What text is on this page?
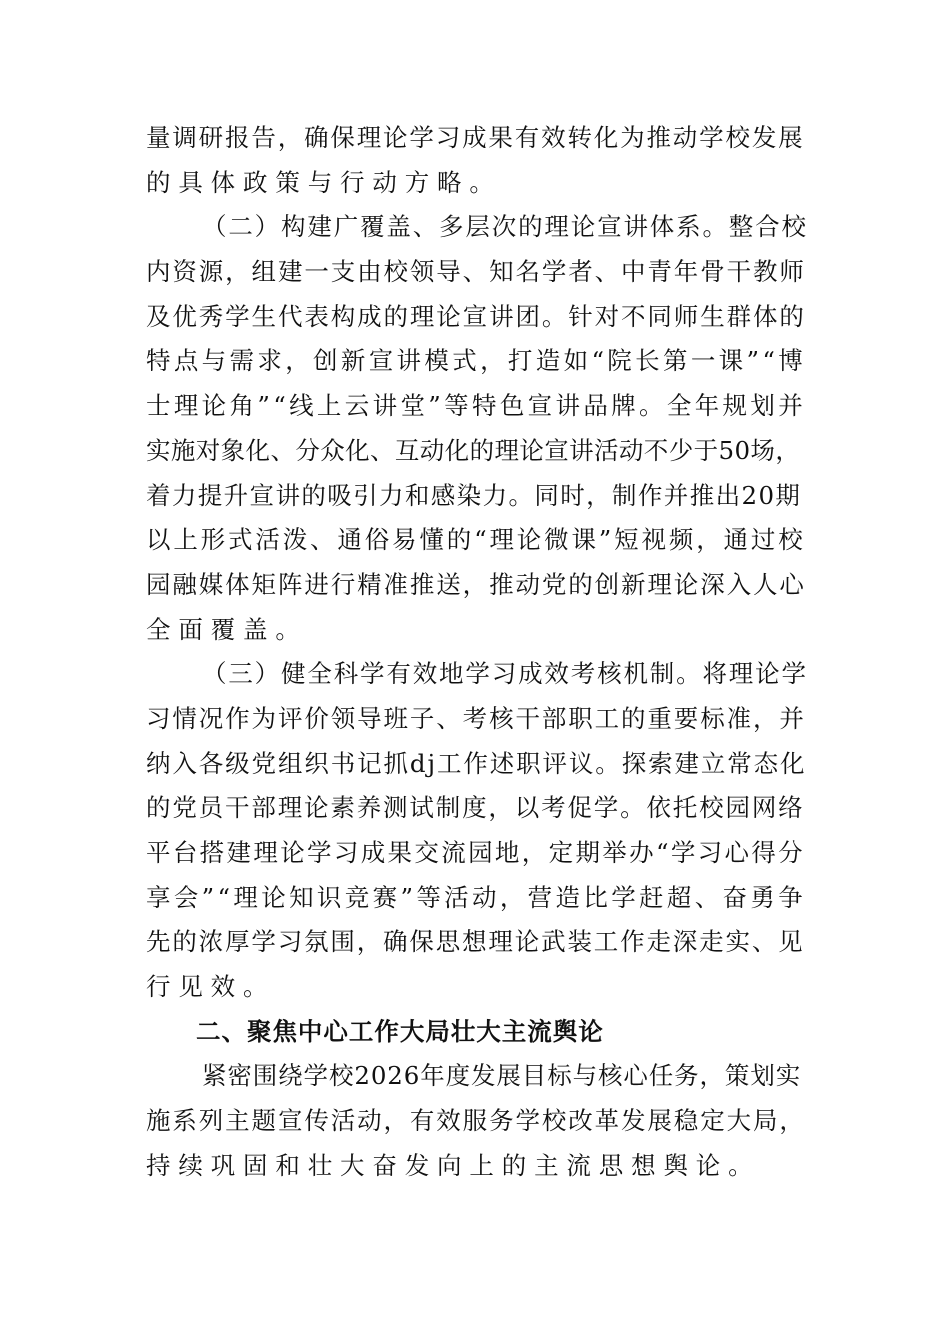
量调研报告，确保理论学习成果有效转化为推动学校发展
的具体政策与行动方略。
（二）构建广覆盖、多层次的理论宣讲体系。整合校
内资源，组建一支由校领导、知名学者、中青年骨干教师
及优秀学生代表构成的理论宣讲团。针对不同师生群体的
特点与需求，创新宣讲模式，打造如“院长第一课”“博
士理论角”“线上云讲堂”等特色宣讲品牌。全年规划并
实施对象化、分众化、互动化的理论宣讲活动不少于50场，
着力提升宣讲的吸引力和感染力。同时，制作并推出20期
以上形式活泼、通俗易懂的“理论微课”短视频，通过校
园融媒体矩阵进行精准推送，推动党的创新理论深入人心
全面覆盖。
（三）健全科学有效地学习成效考核机制。将理论学
习情况作为评价领导班子、考核干部职工的重要标准，并
纳入各级党组织书记抓dj工作述职评议。探索建立常态化
的党员干部理论素养测试制度，以考促学。依托校园网络
平台搭建理论学习成果交流园地，定期举办“学习心得分
享会”“理论知识竞赛”等活动，营造比学赶超、奋勇争
先的浓厚学习氛围，确保思想理论武装工作走深走实、见
行见效。
二、聚焦中心工作大局壮大主流舆论
紧密围绕学校2026年度发展目标与核心任务，策划实
施系列主题宣传活动，有效服务学校改革发展稳定大局，
持续巩固和壮大奋发向上的主流思想舆论。
